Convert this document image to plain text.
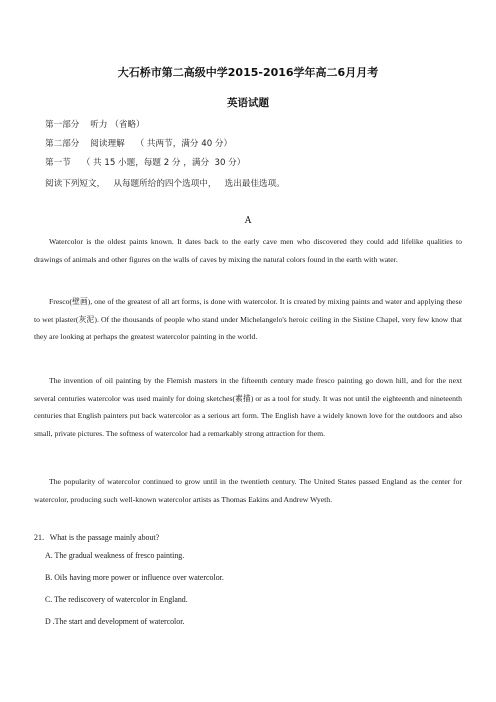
大石桥市第二高级中学2015-2016学年高二6月月考
英语试题
第一部分    听力 （省略）
第二部分    阅读理解    （ 共两节，满分 40 分）
第一节    （ 共 15 小题，每题 2 分 ，满分  30 分）
阅读下列短文，   从每题所给的四个选项中，   选出最佳选项。
A
Watercolor is the oldest paints known. It dates back to the early cave men who discovered they could add lifelike qualities to drawings of animals and other figures on the walls of caves by mixing the natural colors found in the earth with water.
Fresco(壁画), one of the greatest of all art forms, is done with watercolor. It is created by mixing paints and water and applying these to wet plaster(灰泥). Of the thousands of people who stand under Michelangelo's heroic ceiling in the Sistine Chapel, very few know that they are looking at perhaps the greatest watercolor painting in the world.
The invention of oil painting by the Flemish masters in the fifteenth century made fresco painting go down hill, and for the next several centuries watercolor was used mainly for doing sketches(素描) or as a tool for study. It was not until the eighteenth and nineteenth centuries that English painters put back watercolor as a serious art form. The English have a widely known love for the outdoors and also small, private pictures. The softness of watercolor had a remarkably strong attraction for them.
The popularity of watercolor continued to grow until in the twentieth century. The United States passed England as the center for watercolor, producing such well-known watercolor artists as Thomas Eakins and Andrew Wyeth.
21．What is the passage mainly about?
A. The gradual weakness of fresco painting.
B. Oils having more power or influence over watercolor.
C. The rediscovery of watercolor in England.
D .The start and development of watercolor.
